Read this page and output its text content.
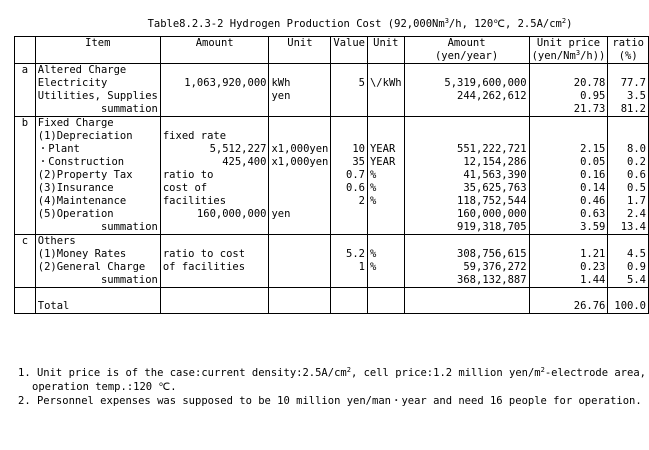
Table8.2.3-2 Hydrogen Production Cost (92,000Nm$^3$/h, 120℃, $2.5A/cm^2$)
	Item	Amount	Unit	Value	Unit	Amount	Unit price	ratio
						(yen/year)	(yen/Nm$^3$/h))	(%)
a	Altered Charge							
	Electricity	1,063,920,000	kWh	5	\/kWh	5,319,600,000	20.78	77.7
	Utilities, Supplies		yen			244,262,612	0.95	3.5
	summation						21.73	81.2
b	Fixed Charge							
	(1)Depreciation	fixed rate						
	・Plant	5,512,227	x1,000yen	10	YEAR	551,222,721	2.15	8.0
	・Construction	425,400	x1,000yen	35	YEAR	12,154,286	0.05	0.2
	(2)Property Tax	ratio to		0.7	%	41,563,390	0.16	0.6
	(3)Insurance	cost of		0.6	%	35,625,763	0.14	0.5
	(4)Maintenance	facilities		2	%	118,752,544	0.46	1.7
	(5)Operation	160,000,000	yen			160,000,000	0.63	2.4
	summation					919,318,705	3.59	13.4
c	Others							
	(1)Money Rates	ratio to cost		5.2	%	308,756,615	1.21	4.5
	(2)General Charge	of facilities		1	%	59,376,272	0.23	0.9
	summation					368,132,887	1.44	5.4

	Total						26.76	100.0
1. Unit price is of the case:current $density:2.5A/cm^2$, cell price:1.2 million yen/$m^2$-electrode area,
operation temp.:120 ℃.
2. Personnel expenses was supposed to be 10 million yen/man・year and need 16 people for operation.
